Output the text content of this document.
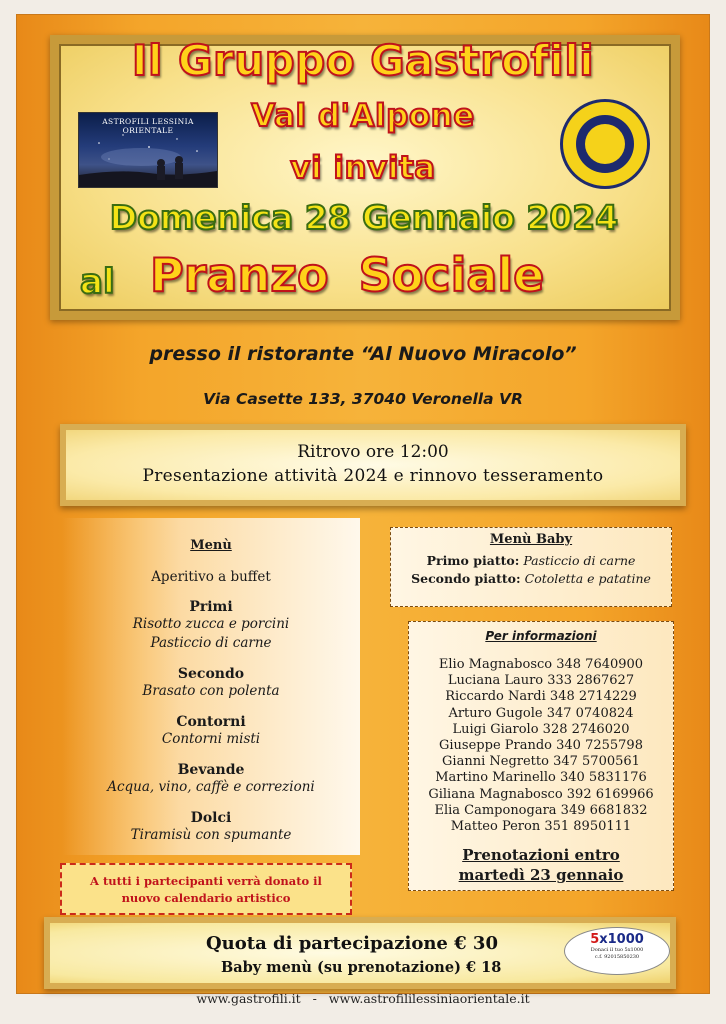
Il Gruppo Gastrofili
Val d'Alpone
vi invita
Domenica 28 Gennaio 2024
al Pranzo Sociale
ASTROFILI LESSINIA ORIENTALE
presso il ristorante “Al Nuovo Miracolo”
Via Casette 133, 37040 Veronella VR
Ritrovo ore 12:00
Presentazione attività 2024 e rinnovo tesseramento
Menù
Aperitivo a buffet
Primi
Risotto zucca e porcini
Pasticcio di carne
Secondo
Brasato con polenta
Contorni
Contorni misti
Bevande
Acqua, vino, caffè e correzioni
Dolci
Tiramisù con spumante
A tutti i partecipanti verrà donato il
nuovo calendario artistico
Menù Baby
Primo piatto: Pasticcio di carne
Secondo piatto: Cotoletta e patatine
Per informazioni
Elio Magnabosco 348 7640900
Luciana Lauro 333 2867627
Riccardo Nardi 348 2714229
Arturo Gugole 347 0740824
Luigi Giarolo 328 2746020
Giuseppe Prando 340 7255798
Gianni Negretto 347 5700561
Martino Marinello 340 5831176
Giliana Magnabosco 392 6169966
Elia Camponogara 349 6681832
Matteo Peron 351 8950111
Prenotazioni entro
martedì 23 gennaio
Quota di partecipazione € 30
Baby menù (su prenotazione) € 18
5x1000
Donaci il tuo 5x1000
c.f. 92015850230
www.gastrofili.it   -   www.astrofililessiniaorientale.it
